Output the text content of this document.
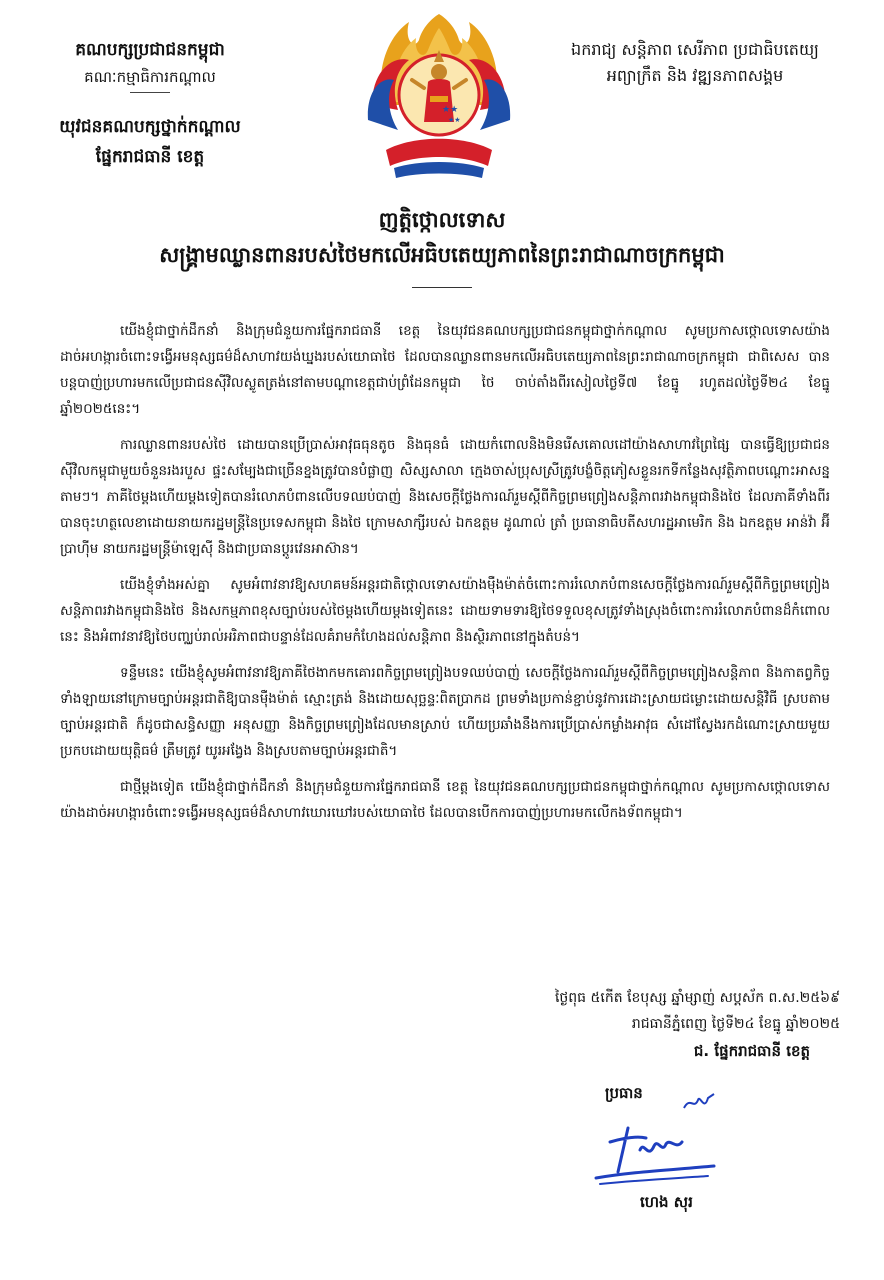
គណបក្សប្រជាជនកម្ពុជា
គណៈកម្មាធិការកណ្តាល
យុវជនគណបក្សថ្នាក់កណ្តាល
ផ្នែករាជធានី ខេត្ត
★★
★★
ឯករាជ្យ សន្តិភាព សេរីភាព ប្រជាធិបតេយ្យ
អព្យាក្រឹត និង វឌ្ឍនភាពសង្គម
ញត្តិថ្កោលទោស
សង្គ្រាមឈ្លានពានរបស់ថៃមកលើអធិបតេយ្យភាពនៃព្រះរាជាណាចក្រកម្ពុជា

យើងខ្ញុំជាថ្នាក់ដឹកនាំ និងក្រុមជំនួយការផ្នែករាជធានី ខេត្ត នៃយុវជនគណបក្សប្រជាជនកម្ពុជាថ្នាក់កណ្តាល សូមប្រកាសថ្កោលទោសយ៉ាងដាច់អហង្ការចំពោះទង្វើអមនុស្សធម៌ដ៏សាហាវយង់ឃ្នងរបស់យោធាថៃ ដែលបានឈ្លានពានមកលើអធិបតេយ្យភាពនៃព្រះរាជាណាចក្រកម្ពុជា ជាពិសេស បានបន្តបាញ់ប្រហារមកលើប្រជាជនស៊ីវិលស្លូតត្រង់នៅតាមបណ្តាខេត្តជាប់ព្រំដែនកម្ពុជា ថៃ ចាប់តាំងពីរសៀលថ្ងៃទី៧ ខែធ្នូ រហូតដល់ថ្ងៃទី២៤ ខែធ្នូ ឆ្នាំ២០២៥នេះ។

ការឈ្លានពានរបស់ថៃ ដោយបានប្រើប្រាស់អាវុធធុនតូច និងធុនធំ ដោយកំពោលនិងមិនរើសគោលដៅយ៉ាងសាហាវព្រៃផ្សៃ បានធ្វើឱ្យប្រជាជនស៊ីវិលកម្ពុជាមួយចំនួនរងរបួស ផ្ទះសម្បែងជាច្រើនខ្នងត្រូវបានបំផ្លាញ សិស្សសាលា ក្មេងចាស់ប្រុសស្រីត្រូវបង្ខំចិត្តភៀសខ្លួនរកទីកន្លែងសុវត្ថិភាពបណ្តោះអាសន្នតាមៗ។ ភាគីថៃម្តងហើយម្តងទៀតបានរំលោភបំពានលើបទឈប់បាញ់ និងសេចក្តីថ្លែងការណ៍រួមស្តីពីកិច្ចព្រមព្រៀងសន្តិភាពរវាងកម្ពុជានិងថៃ ដែលភាគីទាំងពីរបានចុះហត្ថលេខាដោយនាយករដ្ឋមន្ត្រីនៃប្រទេសកម្ពុជា និងថៃ ក្រោមសាក្សីរបស់ ឯកឧត្តម ដូណាល់ ត្រាំ ប្រធានាធិបតីសហរដ្ឋអាមេរិក និង ឯកឧត្តម អាន់វ៉ា អ៊ីប្រាហ៊ីម នាយករដ្ឋមន្ត្រីម៉ាឡេស៊ី និងជាប្រធានប្តូរវេនអាស៊ាន។

យើងខ្ញុំទាំងអស់គ្នា សូមអំពាវនាវឱ្យសហគមន៍អន្តរជាតិថ្កោលទោសយ៉ាងម៉ឺងម៉ាត់ចំពោះការរំលោភបំពានសេចក្តីថ្លែងការណ៍រួមស្តីពីកិច្ចព្រមព្រៀងសន្តិភាពរវាងកម្ពុជានិងថៃ និងសកម្មភាពខុសច្បាប់របស់ថៃម្តងហើយម្តងទៀតនេះ ដោយទាមទារឱ្យថៃទទួលខុសត្រូវទាំងស្រុងចំពោះការរំលោភបំពានដ៏កំពោលនេះ និងអំពាវនាវឱ្យថៃបញ្ឈប់រាល់អរិភាពជាបន្ទាន់ដែលគំរាមកំហែងដល់សន្តិភាព និងស្ថិរភាពនៅក្នុងតំបន់។

ទន្ទឹមនេះ យើងខ្ញុំសូមអំពាវនាវឱ្យភាគីថៃងាកមកគោរពកិច្ចព្រមព្រៀងបទឈប់បាញ់ សេចក្តីថ្លែងការណ៍រួមស្តីពីកិច្ចព្រមព្រៀងសន្តិភាព និងកាតព្វកិច្ចទាំងឡាយនៅក្រោមច្បាប់អន្តរជាតិឱ្យបានម៉ឺងម៉ាត់ ស្មោះត្រង់ និងដោយសុច្ឆន្ទៈពិតប្រាកដ ព្រមទាំងប្រកាន់ខ្ជាប់នូវការដោះស្រាយជម្លោះដោយសន្តិវិធី ស្របតាមច្បាប់អន្តរជាតិ ក៏ដូចជាសន្ធិសញ្ញា អនុសញ្ញា និងកិច្ចព្រមព្រៀងដែលមានស្រាប់ ហើយប្រឆាំងនឹងការប្រើប្រាស់កម្លាំងអាវុធ សំដៅស្វែងរកដំណោះស្រាយមួយប្រកបដោយយុត្តិធម៌ ត្រឹមត្រូវ យូរអង្វែង និងស្របតាមច្បាប់អន្តរជាតិ។

ជាថ្មីម្តងទៀត យើងខ្ញុំជាថ្នាក់ដឹកនាំ និងក្រុមជំនួយការផ្នែករាជធានី ខេត្ត នៃយុវជនគណបក្សប្រជាជនកម្ពុជាថ្នាក់កណ្តាល សូមប្រកាសថ្កោលទោសយ៉ាងដាច់អហង្ការចំពោះទង្វើអមនុស្សធម៌ដ៏សាហាវឃោរឃៅរបស់យោធាថៃ ដែលបានបើកការបាញ់ប្រហារមកលើកងទ័ពកម្ពុជា។

ថ្ងៃពុធ ៥កើត ខែបុស្ស ឆ្នាំម្សាញ់ សប្តស័ក ព.ស.២៥៦៩
រាជធានីភ្នំពេញ ថ្ងៃទី២៤ ខែធ្នូ ឆ្នាំ២០២៥
ជ. ផ្នែករាជធានី ខេត្ត
ប្រធាន
ហេង សុរ
